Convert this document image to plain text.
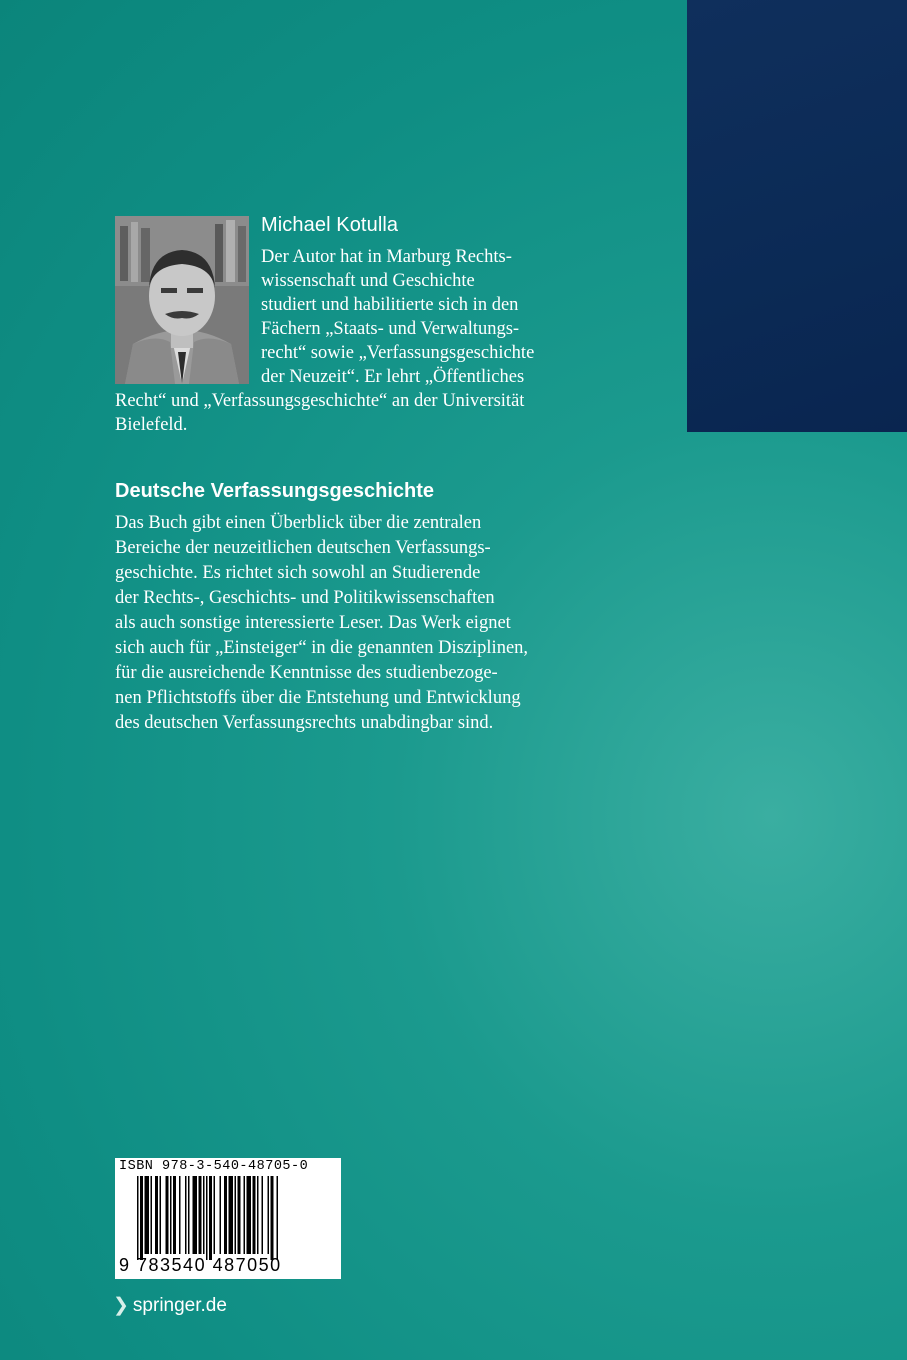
Michael Kotulla
Der Autor hat in Marburg Rechts-
wissenschaft und Geschichte
studiert und habilitierte sich in den
Fächern „Staats- und Verwaltungs-
recht“ sowie „Verfassungsgeschichte
der Neuzeit“. Er lehrt „Öffentliches
Recht“ und „Verfassungsgeschichte“ an der Universität
Bielefeld.
Deutsche Verfassungsgeschichte
Das Buch gibt einen Überblick über die zentralen
Bereiche der neuzeitlichen deutschen Verfassungs-
geschichte. Es richtet sich sowohl an Studierende
der Rechts-, Geschichts- und Politikwissenschaften
als auch sonstige interessierte Leser. Das Werk eignet
sich auch für „Einsteiger“ in die genannten Disziplinen,
für die ausreichende Kenntnisse des studienbezoge-
nen Pflichtstoffs über die Entstehung und Entwicklung
des deutschen Verfassungsrechts unabdingbar sind.
ISBN 978-3-540-48705-0
9 783540 487050
❯ springer.de
